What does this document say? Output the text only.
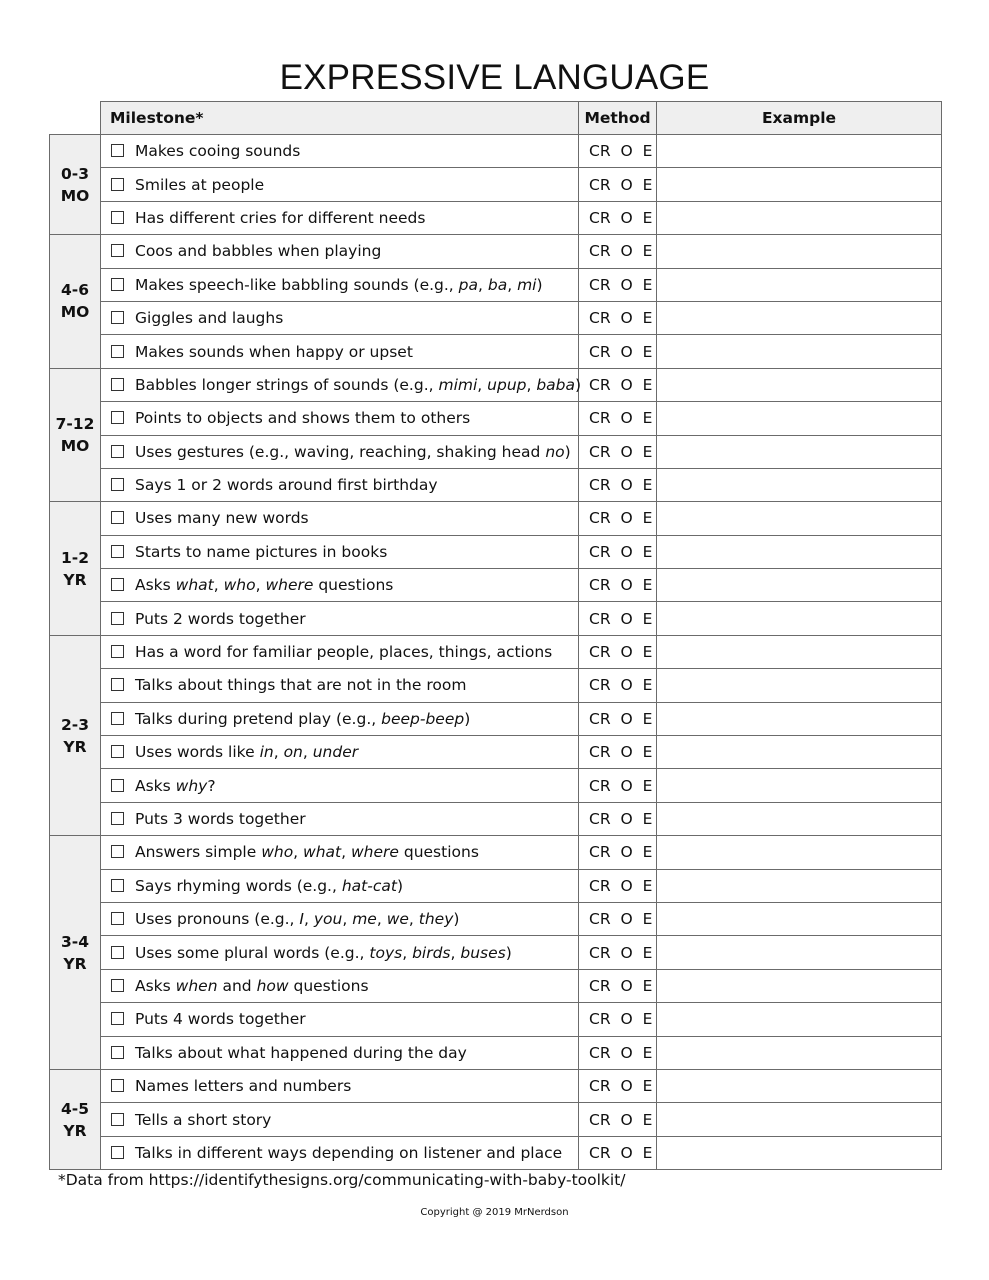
EXPRESSIVE LANGUAGE
	Milestone*	Method	Example

0-3
MO	Makes cooing sounds	CR O E	
	Smiles at people	CR O E	
	Has different cries for different needs	CR O E	

4-6
MO	Coos and babbles when playing	CR O E	
	Makes speech-like babbling sounds (e.g., pa, ba, mi)	CR O E	
	Giggles and laughs	CR O E	
	Makes sounds when happy or upset	CR O E	

7-12
MO	Babbles longer strings of sounds (e.g., mimi, upup, baba)	CR O E	
	Points to objects and shows them to others	CR O E	
	Uses gestures (e.g., waving, reaching, shaking head no)	CR O E	
	Says 1 or 2 words around first birthday	CR O E	

1-2
YR	Uses many new words	CR O E	
	Starts to name pictures in books	CR O E	
	Asks what, who, where questions	CR O E	
	Puts 2 words together	CR O E	

2-3
YR	Has a word for familiar people, places, things, actions	CR O E	
	Talks about things that are not in the room	CR O E	
	Talks during pretend play (e.g., beep-beep)	CR O E	
	Uses words like in, on, under	CR O E	
	Asks why?	CR O E	
	Puts 3 words together	CR O E	

3-4
YR	Answers simple who, what, where questions	CR O E	
	Says rhyming words (e.g., hat-cat)	CR O E	
	Uses pronouns (e.g., I, you, me, we, they)	CR O E	
	Uses some plural words (e.g., toys, birds, buses)	CR O E	
	Asks when and how questions	CR O E	
	Puts 4 words together	CR O E	
	Talks about what happened during the day	CR O E	

4-5
YR	Names letters and numbers	CR O E	
	Tells a short story	CR O E	
	Talks in different ways depending on listener and place	CR O E	
*Data from https://identifythesigns.org/communicating-with-baby-toolkit/
Copyright @ 2019 MrNerdson
